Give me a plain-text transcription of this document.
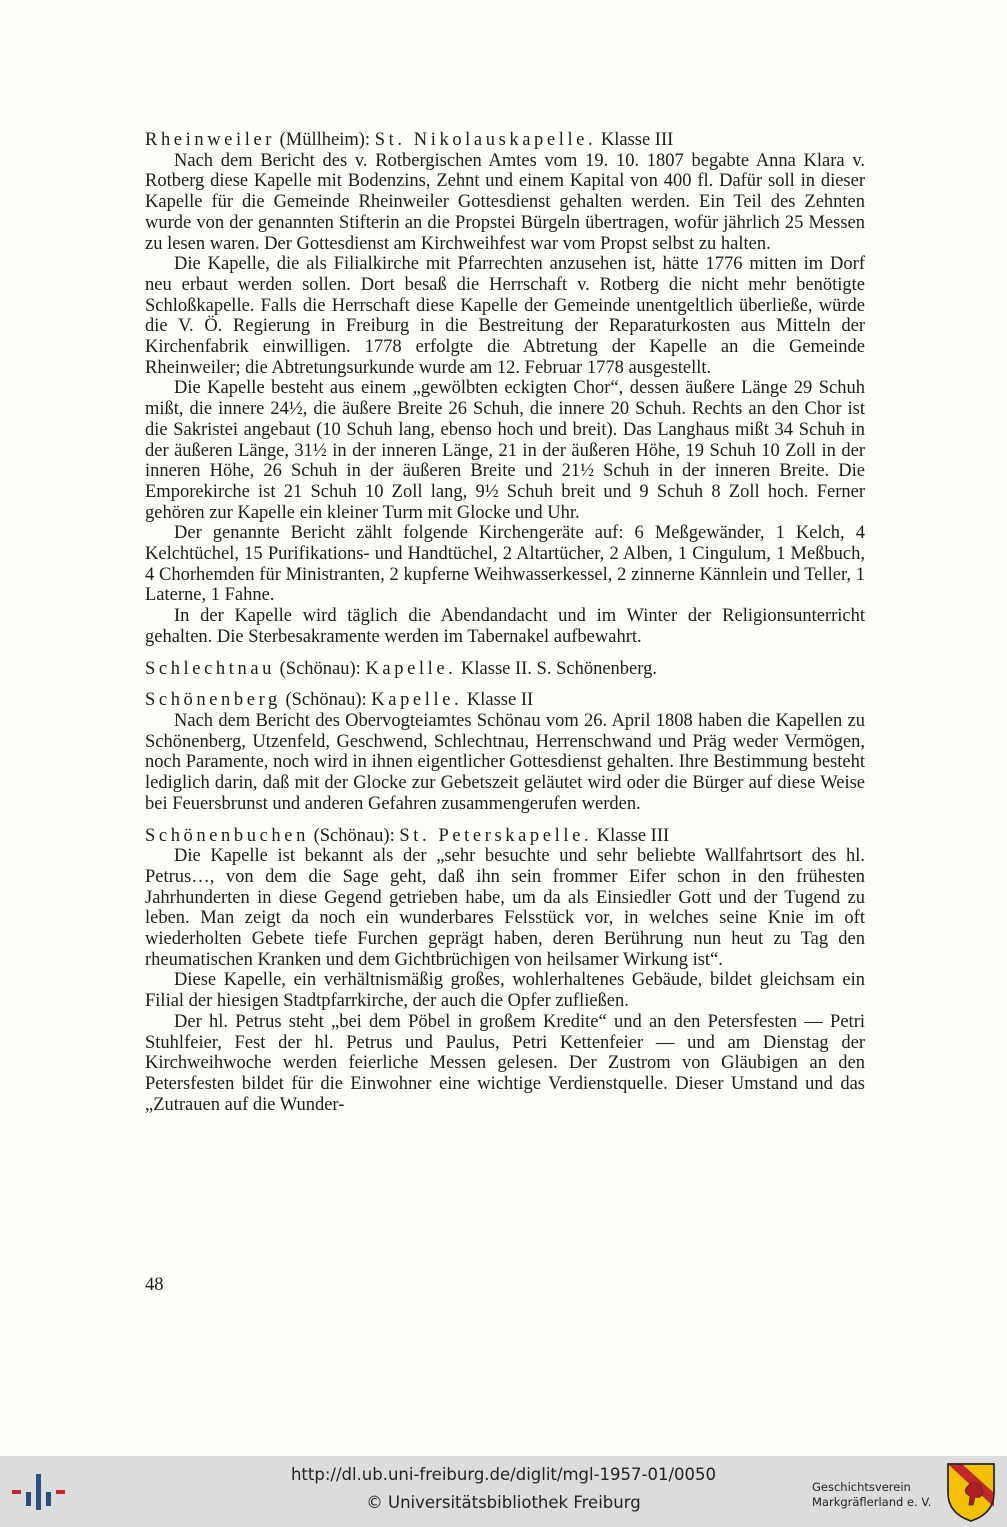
Rheinweiler (Müllheim): St. Nikolauskapelle. Klasse III

Nach dem Bericht des v. Rotbergischen Amtes vom 19. 10. 1807 begabte Anna Klara v. Rotberg diese Kapelle mit Bodenzins, Zehnt und einem Kapital von 400 fl. Dafür soll in dieser Kapelle für die Gemeinde Rheinweiler Gottesdienst gehalten werden. Ein Teil des Zehnten wurde von der genannten Stifterin an die Propstei Bürgeln übertragen, wofür jährlich 25 Messen zu lesen waren. Der Gottesdienst am Kirchweihfest war vom Propst selbst zu halten.

Die Kapelle, die als Filialkirche mit Pfarrechten anzusehen ist, hätte 1776 mitten im Dorf neu erbaut werden sollen. Dort besaß die Herrschaft v. Rotberg die nicht mehr benötigte Schloßkapelle. Falls die Herrschaft diese Kapelle der Gemeinde unentgeltlich überließe, würde die V. Ö. Regierung in Freiburg in die Bestreitung der Reparaturkosten aus Mitteln der Kirchenfabrik einwilligen. 1778 erfolgte die Abtretung der Kapelle an die Gemeinde Rheinweiler; die Abtretungsurkunde wurde am 12. Februar 1778 ausgestellt.

Die Kapelle besteht aus einem „gewölbten eckigten Chor“, dessen äußere Länge 29 Schuh mißt, die innere 24½, die äußere Breite 26 Schuh, die innere 20 Schuh. Rechts an den Chor ist die Sakristei angebaut (10 Schuh lang, ebenso hoch und breit). Das Langhaus mißt 34 Schuh in der äußeren Länge, 31½ in der inneren Länge, 21 in der äußeren Höhe, 19 Schuh 10 Zoll in der inneren Höhe, 26 Schuh in der äußeren Breite und 21½ Schuh in der inneren Breite. Die Emporekirche ist 21 Schuh 10 Zoll lang, 9½ Schuh breit und 9 Schuh 8 Zoll hoch. Ferner gehören zur Kapelle ein kleiner Turm mit Glocke und Uhr.

Der genannte Bericht zählt folgende Kirchengeräte auf: 6 Meßgewänder, 1 Kelch, 4 Kelchtüchel, 15 Purifikations- und Handtüchel, 2 Altartücher, 2 Alben, 1 Cingulum, 1 Meßbuch, 4 Chorhemden für Ministranten, 2 kupferne Weihwasserkessel, 2 zinnerne Kännlein und Teller, 1 Laterne, 1 Fahne.

In der Kapelle wird täglich die Abendandacht und im Winter der Religionsunterricht gehalten. Die Sterbesakramente werden im Tabernakel aufbewahrt.

Schlechtnau (Schönau): Kapelle. Klasse II. S. Schönenberg.

Schönenberg (Schönau): Kapelle. Klasse II

Nach dem Bericht des Obervogteiamtes Schönau vom 26. April 1808 haben die Kapellen zu Schönenberg, Utzenfeld, Geschwend, Schlechtnau, Herrenschwand und Präg weder Vermögen, noch Paramente, noch wird in ihnen eigentlicher Gottesdienst gehalten. Ihre Bestimmung besteht lediglich darin, daß mit der Glocke zur Gebetszeit geläutet wird oder die Bürger auf diese Weise bei Feuersbrunst und anderen Gefahren zusammengerufen werden.

Schönenbuchen (Schönau): St. Peterskapelle. Klasse III

Die Kapelle ist bekannt als der „sehr besuchte und sehr beliebte Wallfahrtsort des hl. Petrus…, von dem die Sage geht, daß ihn sein frommer Eifer schon in den frühesten Jahrhunderten in diese Gegend getrieben habe, um da als Einsiedler Gott und der Tugend zu leben. Man zeigt da noch ein wunderbares Felsstück vor, in welches seine Knie im oft wiederholten Gebete tiefe Furchen geprägt haben, deren Berührung nun heut zu Tag den rheumatischen Kranken und dem Gichtbrüchigen von heilsamer Wirkung ist“.

Diese Kapelle, ein verhältnismäßig großes, wohlerhaltenes Gebäude, bildet gleichsam ein Filial der hiesigen Stadtpfarrkirche, der auch die Opfer zufließen.

Der hl. Petrus steht „bei dem Pöbel in großem Kredite“ und an den Petersfesten — Petri Stuhlfeier, Fest der hl. Petrus und Paulus, Petri Kettenfeier — und am Dienstag der Kirchweihwoche werden feierliche Messen gelesen. Der Zustrom von Gläubigen an den Petersfesten bildet für die Einwohner eine wichtige Verdienstquelle. Dieser Umstand und das „Zutrauen auf die Wunder-

48
http://dl.ub.uni-freiburg.de/diglit/mgl-1957-01/0050
© Universitätsbibliothek Freiburg
Geschichtsverein
Markgräflerland e. V.
